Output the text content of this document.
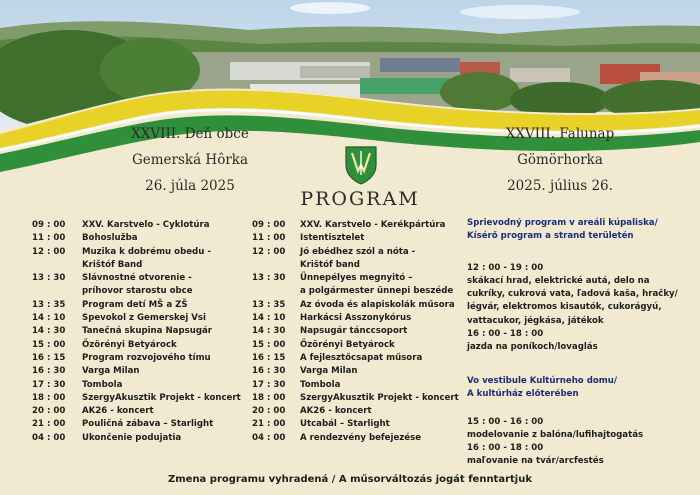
XXVIII. Deň obce
Gemerská Hôrka
26. júla 2025
XXVIII. Falunap
Gömörhorka
2025. július 26.
PROGRAM
09 : 00	XXV. Karstvelo - Cyklotúra
11 : 00	Bohoslužba
12 : 00	Muzika k dobrému obedu -
Krištóf Band
13 : 30	Slávnostné otvorenie -
príhovor starostu obce
13 : 35	Program detí MŠ a ZŠ
14 : 10	Spevokol z Gemerskej Vsi
14 : 30	Tanečná skupina Napsugár
15 : 00	Őzörényi Betyárock
16 : 15	Program rozvojového tímu
16 : 30	Varga Milan
17 : 30	Tombola
18 : 00	SzergyAkusztik Projekt - koncert
20 : 00	AK26 - koncert
21 : 00	Pouličná zábava – Starlight
04 : 00	Ukončenie podujatia
09 : 00	XXV. Karstvelo - Kerékpártúra
11 : 00	Istentisztelet
12 : 00	Jó ebédhez szól a nóta -
Krištóf band
13 : 30	Ünnepélyes megnyitó –
a polgármester ünnepi beszéde
13 : 35	Az óvoda és alapiskolák műsora
14 : 10	Harkácsi Asszonykórus
14 : 30	Napsugár tánccsoport
15 : 00	Őzörényi Betyárock
16 : 15	A fejlesztőcsapat műsora
16 : 30	Varga Milan
17 : 30	Tombola
18 : 00	SzergyAkusztik Projekt - koncert
20 : 00	AK26 - koncert
21 : 00	Utcabál – Starlight
04 : 00	A rendezvény befejezése
Sprievodný program v areáli kúpaliska/
Kísérő program a strand területén
12 : 00 - 19 : 00
skákací hrad, elektrické autá, delo na
cukríky, cukrová vata, ľadová kaša, hračky/
légvár, elektromos kisautók, cukorágyú,
vattacukor, jégkása, játékok
16 : 00 - 18 : 00
jazda na poníkoch/lovaglás
Vo vestibule Kultúrneho domu/
A kultúrház előterében
15 : 00 - 16 : 00
modelovanie z balóna/lufihajtogatás
16 : 00 - 18 : 00
maľovanie na tvár/arcfestés
Zmena programu vyhradená / A műsorváltozás jogát fenntartjuk
